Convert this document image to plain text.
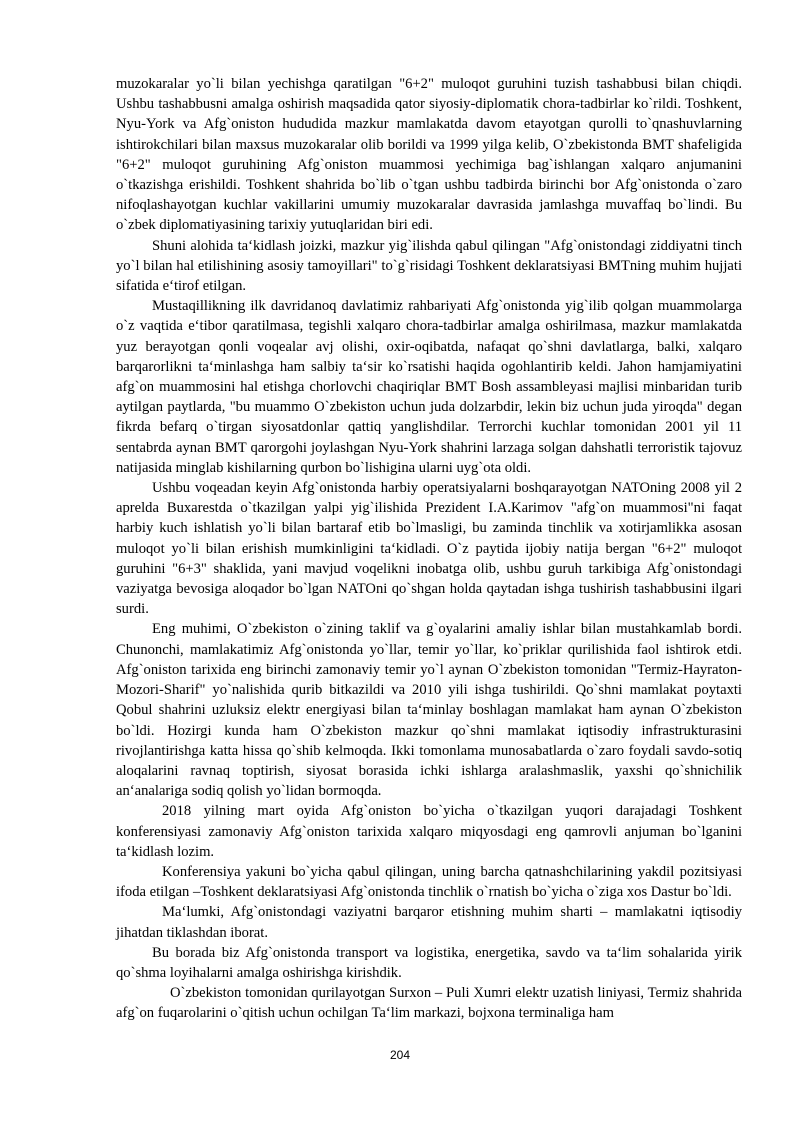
muzokaralar yo`li bilan yechishga qaratilgan "6+2" muloqot guruhini tuzish tashabbusi bilan chiqdi. Ushbu tashabbusni amalga oshirish maqsadida qator siyosiy-diplomatik chora-tadbirlar ko`rildi. Toshkent, Nyu-York va Afg`oniston hududida mazkur mamlakatda davom etayotgan qurolli to`qnashuvlarning ishtirokchilari bilan maxsus muzokaralar olib borildi va 1999 yilga kelib, O`zbekistonda BMT shafeligida "6+2" muloqot guruhining Afg`oniston muammosi yechimiga bag`ishlangan xalqaro anjumanini o`tkazishga erishildi. Toshkent shahrida bo`lib o`tgan ushbu tadbirda birinchi bor Afg`onistonda o`zaro nifoqlashayotgan kuchlar vakillarini umumiy muzokaralar davrasida jamlashga muvaffaq bo`lindi. Bu o`zbek diplomatiyasining tarixiy yutuqlaridan biri edi.

Shuni alohida ta‘kidlash joizki, mazkur yig`ilishda qabul qilingan "Afg`onistondagi ziddiyatni tinch yo`l bilan hal etilishining asosiy tamoyillari" to`g`risidagi Toshkent deklaratsiyasi BMTning muhim hujjati sifatida e‘tirof etilgan.

Mustaqillikning ilk davridanoq davlatimiz rahbariyati Afg`onistonda yig`ilib qolgan muammolarga o`z vaqtida e‘tibor qaratilmasa, tegishli xalqaro chora-tadbirlar amalga oshirilmasa, mazkur mamlakatda yuz berayotgan qonli voqealar avj olishi, oxir-oqibatda, nafaqat qo`shni davlatlarga, balki, xalqaro barqarorlikni ta‘minlashga ham salbiy ta‘sir ko`rsatishi haqida ogohlantirib keldi. Jahon hamjamiyatini afg`on muammosini hal etishga chorlovchi chaqiriqlar BMT Bosh assambleyasi majlisi minbaridan turib aytilgan paytlarda, "bu muammo O`zbekiston uchun juda dolzarbdir, lekin biz uchun juda yiroqda" degan fikrda befarq o`tirgan siyosatdonlar qattiq yanglishdilar. Terrorchi kuchlar tomonidan 2001 yil 11 sentabrda aynan BMT qarorgohi joylashgan Nyu-York shahrini larzaga solgan dahshatli terroristik tajovuz natijasida minglab kishilarning qurbon bo`lishigina ularni uyg`ota oldi.

Ushbu voqeadan keyin Afg`onistonda harbiy operatsiyalarni boshqarayotgan NATOning 2008 yil 2 aprelda Buxarestda o`tkazilgan yalpi yig`ilishida Prezident I.A.Karimov "afg`on muammosi"ni faqat harbiy kuch ishlatish yo`li bilan bartaraf etib bo`lmasligi, bu zaminda tinchlik va xotirjamlikka asosan muloqot yo`li bilan erishish mumkinligini ta‘kidladi. O`z paytida ijobiy natija bergan "6+2" muloqot guruhini "6+3" shaklida, yani mavjud voqelikni inobatga olib, ushbu guruh tarkibiga Afg`onistondagi vaziyatga bevosiga aloqador bo`lgan NATOni qo`shgan holda qaytadan ishga tushirish tashabbusini ilgari surdi.

Eng muhimi, O`zbekiston o`zining taklif va g`oyalarini amaliy ishlar bilan mustahkamlab bordi. Chunonchi, mamlakatimiz Afg`onistonda yo`llar, temir yo`llar, ko`priklar qurilishida faol ishtirok etdi. Afg`oniston tarixida eng birinchi zamonaviy temir yo`l aynan O`zbekiston tomonidan "Termiz-Hayraton-Mozori-Sharif" yo`nalishida qurib bitkazildi va 2010 yili ishga tushirildi. Qo`shni mamlakat poytaxti Qobul shahrini uzluksiz elektr energiyasi bilan ta‘minlay boshlagan mamlakat ham aynan O`zbekiston bo`ldi. Hozirgi kunda ham O`zbekiston mazkur qo`shni mamlakat iqtisodiy infrastrukturasini rivojlantirishga katta hissa qo`shib kelmoqda. Ikki tomonlama munosabatlarda o`zaro foydali savdo-sotiq aloqalarini ravnaq toptirish, siyosat borasida ichki ishlarga aralashmaslik, yaxshi qo`shnichilik an‘analariga sodiq qolish yo`lidan bormoqda.

2018 yilning mart oyida Afg`oniston bo`yicha o`tkazilgan yuqori darajadagi Toshkent konferensiyasi zamonaviy Afg`oniston tarixida xalqaro miqyosdagi eng qamrovli anjuman bo`lganini ta‘kidlash lozim.

Konferensiya yakuni bo`yicha qabul qilingan, uning barcha qatnashchilarining yakdil pozitsiyasi ifoda etilgan –Toshkent deklaratsiyasi Afg`onistonda tinchlik o`rnatish bo`yicha o`ziga xos Dastur bo`ldi.

Ma‘lumki, Afg`onistondagi vaziyatni barqaror etishning muhim sharti – mamlakatni iqtisodiy jihatdan tiklashdan iborat.

Bu borada biz Afg`onistonda transport va logistika, energetika, savdo va ta‘lim sohalarida yirik qo`shma loyihalarni amalga oshirishga kirishdik.

O`zbekiston tomonidan qurilayotgan Surxon – Puli Xumri elektr uzatish liniyasi, Termiz shahrida afg`on fuqarolarini o`qitish uchun ochilgan Ta‘lim markazi, bojxona terminaliga ham

204
